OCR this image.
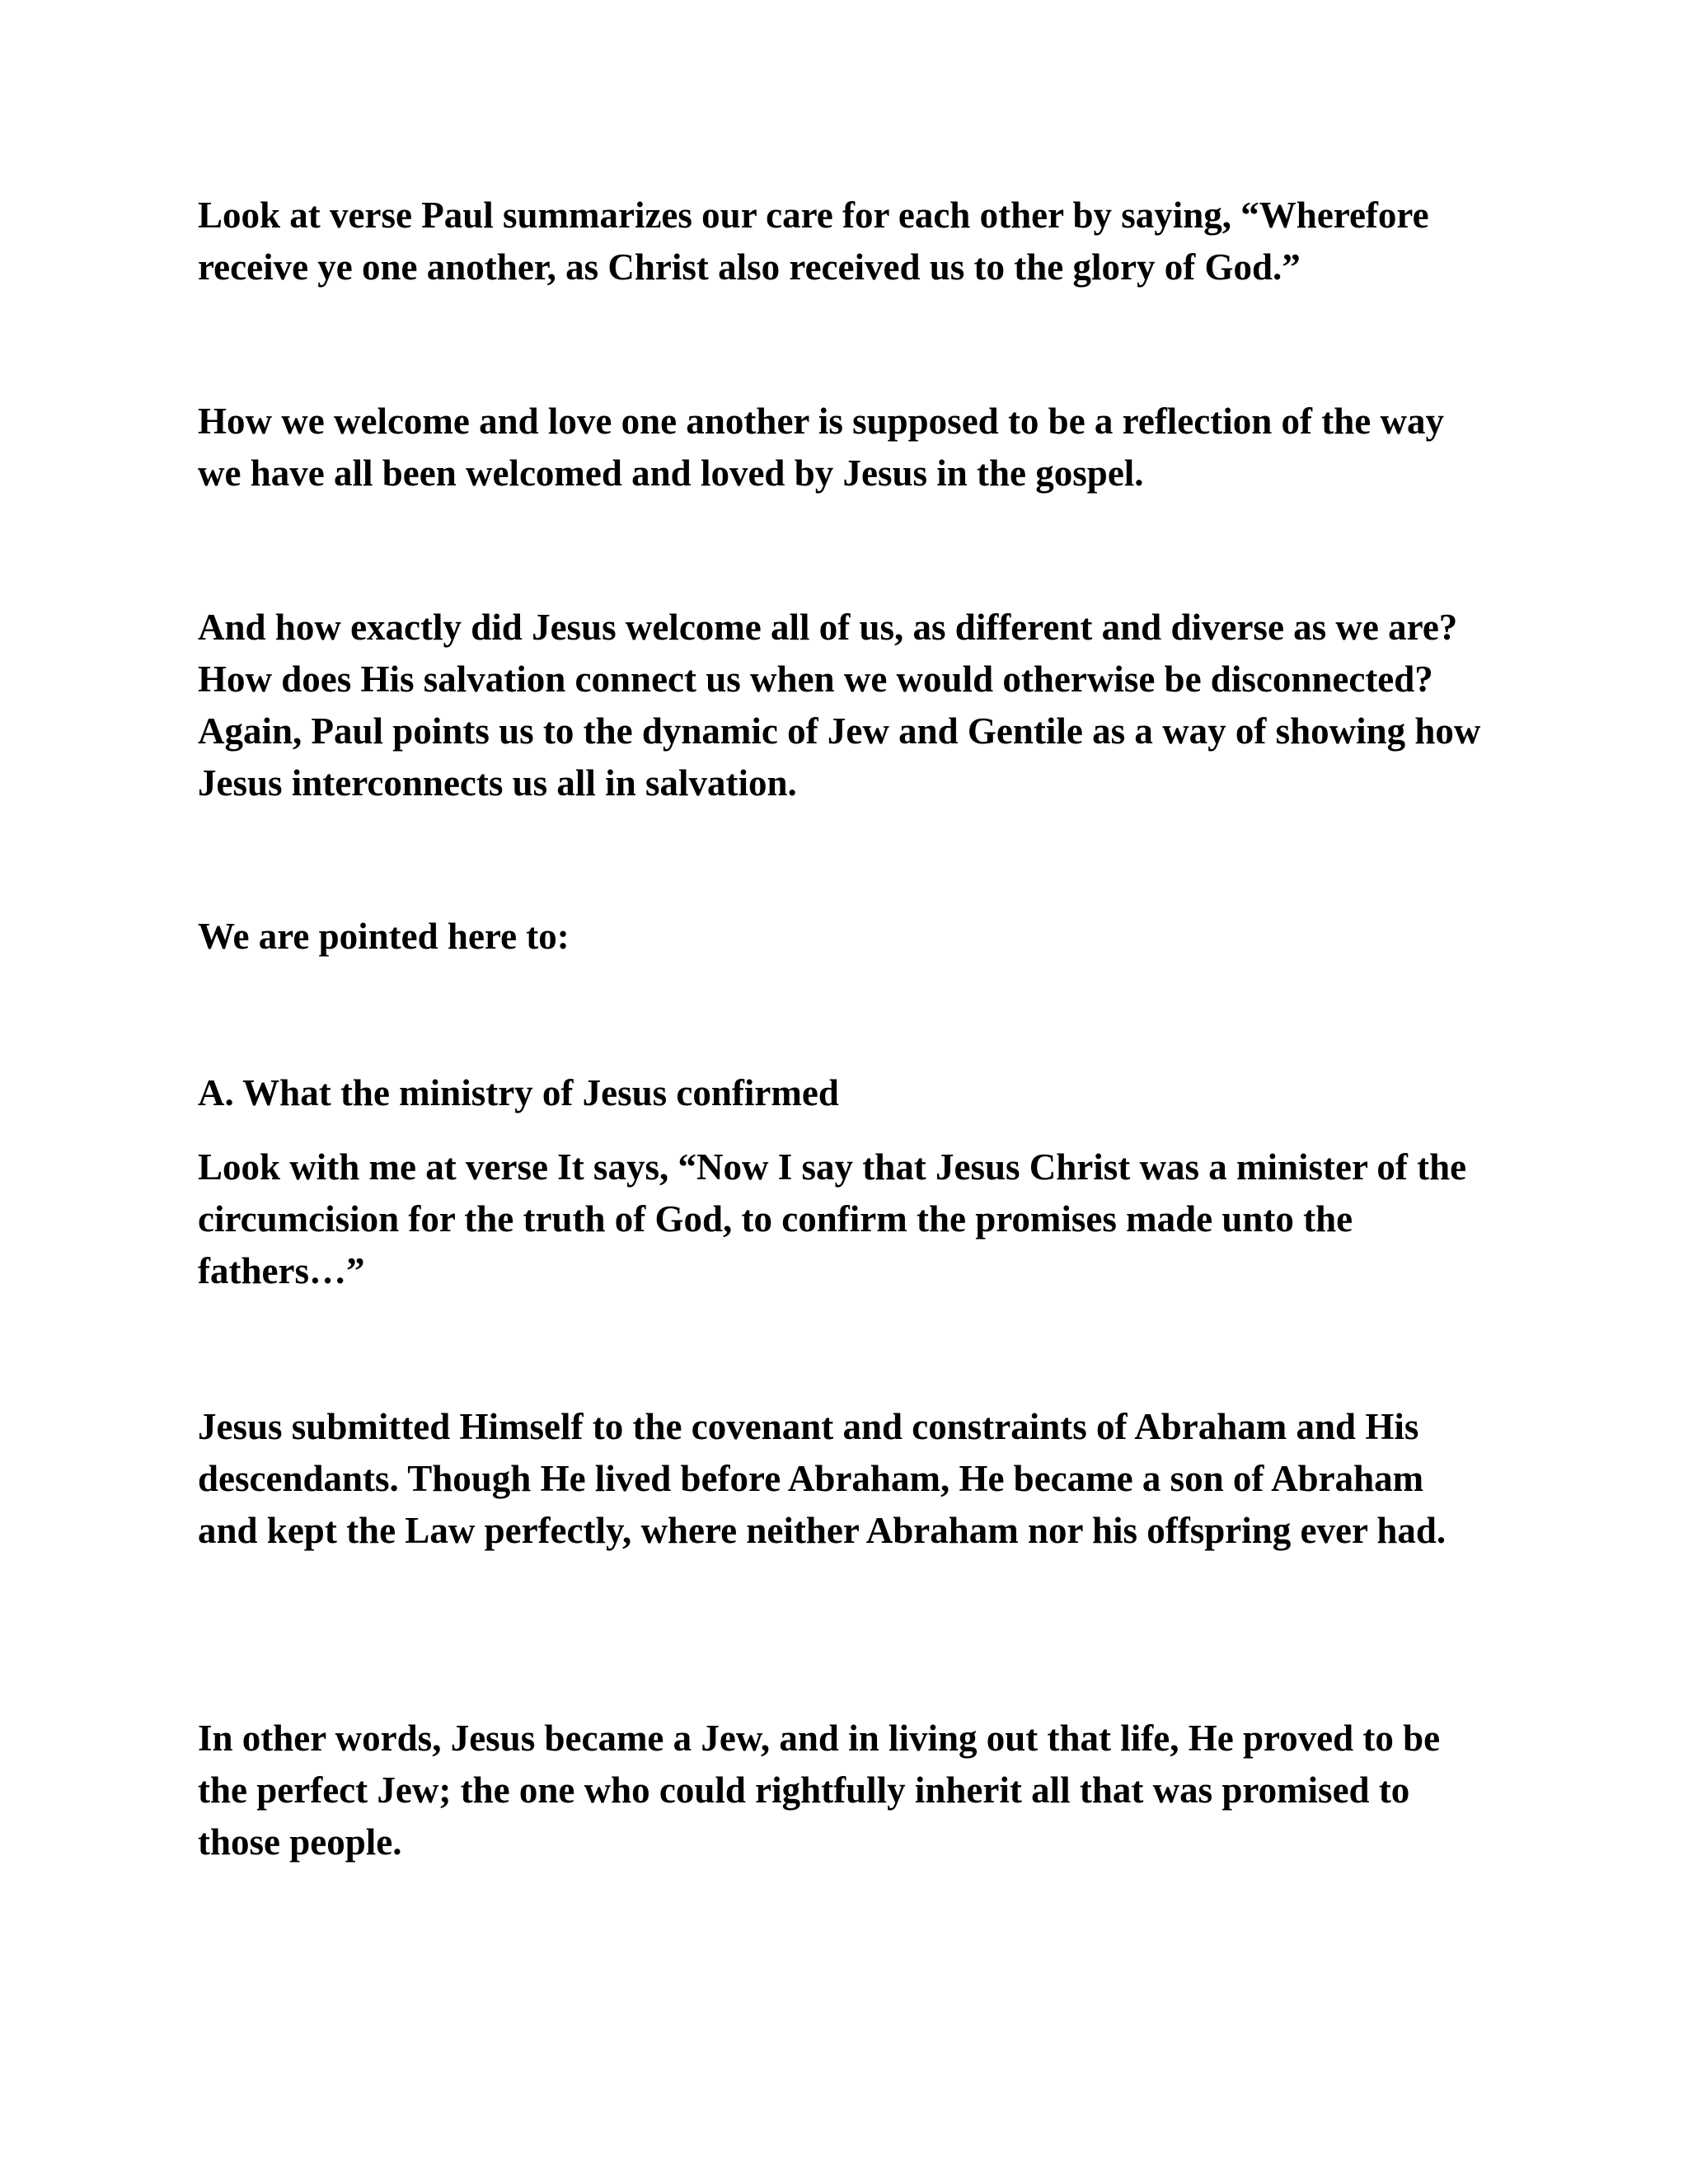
Look at verse Paul summarizes our care for each other by saying, “Wherefore receive ye one another, as Christ also received us to the glory of God.”

How we welcome and love one another is supposed to be a reflection of the way we have all been welcomed and loved by Jesus in the gospel.

And how exactly did Jesus welcome all of us, as different and diverse as we are? How does His salvation connect us when we would otherwise be disconnected? Again, Paul points us to the dynamic of Jew and Gentile as a way of showing how Jesus interconnects us all in salvation.

We are pointed here to:

A. What the ministry of Jesus confirmed

Look with me at verse It says, “Now I say that Jesus Christ was a minister of the circumcision for the truth of God, to confirm the promises made unto the fathers…”

Jesus submitted Himself to the covenant and constraints of Abraham and His descendants. Though He lived before Abraham, He became a son of Abraham and kept the Law perfectly, where neither Abraham nor his offspring ever had.

In other words, Jesus became a Jew, and in living out that life, He proved to be the perfect Jew; the one who could rightfully inherit all that was promised to those people.
